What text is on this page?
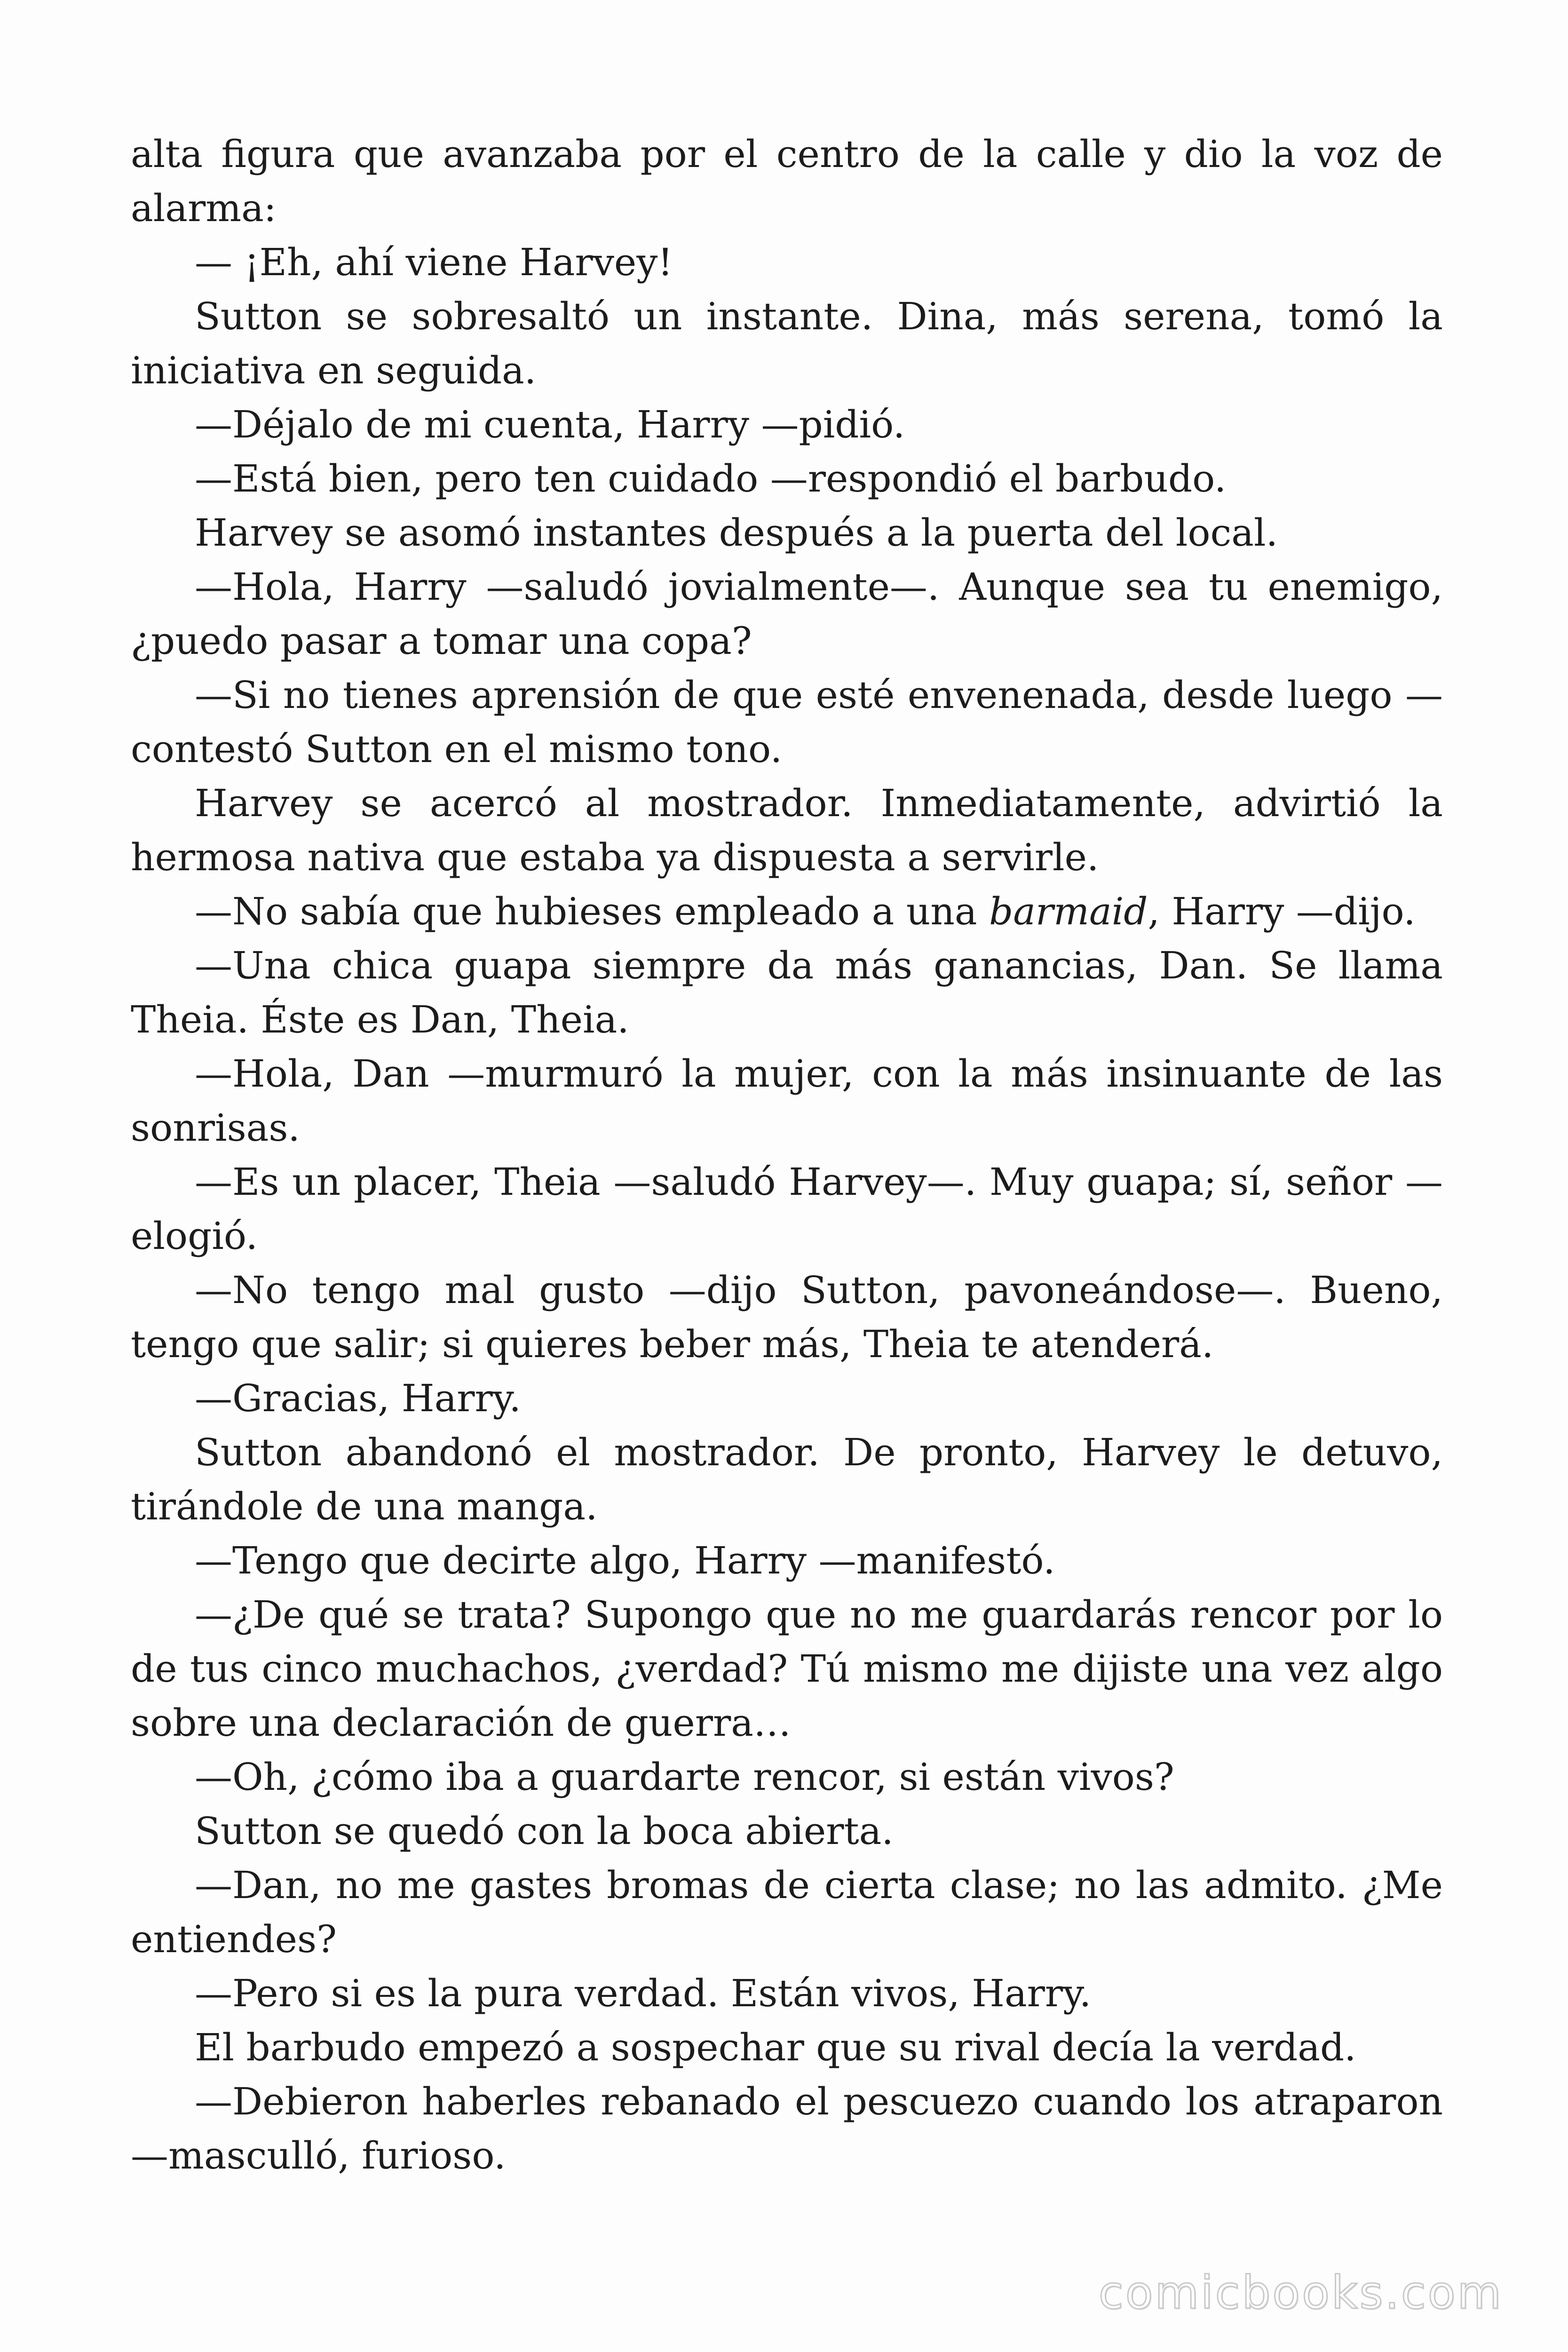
alta figura que avanzaba por el centro de la calle y dio la voz de alarma:

— ¡Eh, ahí viene Harvey!

Sutton se sobresaltó un instante. Dina, más serena, tomó la iniciativa en seguida.

—Déjalo de mi cuenta, Harry —pidió.

—Está bien, pero ten cuidado —respondió el barbudo.

Harvey se asomó instantes después a la puerta del local.

—Hola, Harry —saludó jovialmente—. Aunque sea tu enemigo, ¿puedo pasar a tomar una copa?

—Si no tienes aprensión de que esté envenenada, desde luego — contestó Sutton en el mismo tono.

Harvey se acercó al mostrador. Inmediatamente, advirtió la hermosa nativa que estaba ya dispuesta a servirle.

—No sabía que hubieses empleado a una barmaid, Harry —dijo.

—Una chica guapa siempre da más ganancias, Dan. Se llama Theia. Éste es Dan, Theia.

—Hola, Dan —murmuró la mujer, con la más insinuante de las sonrisas.

—Es un placer, Theia —saludó Harvey—. Muy guapa; sí, señor —elogió.

—No tengo mal gusto —dijo Sutton, pavoneándose—. Bueno, tengo que salir; si quieres beber más, Theia te atenderá.

—Gracias, Harry.

Sutton abandonó el mostrador. De pronto, Harvey le detuvo, tirándole de una manga.

—Tengo que decirte algo, Harry —manifestó.

—¿De qué se trata? Supongo que no me guardarás rencor por lo de tus cinco muchachos, ¿verdad? Tú mismo me dijiste una vez algo sobre una declaración de guerra…

—Oh, ¿cómo iba a guardarte rencor, si están vivos?

Sutton se quedó con la boca abierta.

—Dan, no me gastes bromas de cierta clase; no las admito. ¿Me entiendes?

—Pero si es la pura verdad. Están vivos, Harry.

El barbudo empezó a sospechar que su rival decía la verdad.

—Debieron haberles rebanado el pescuezo cuando los atraparon —masculló, furioso.

comicbooks.com
